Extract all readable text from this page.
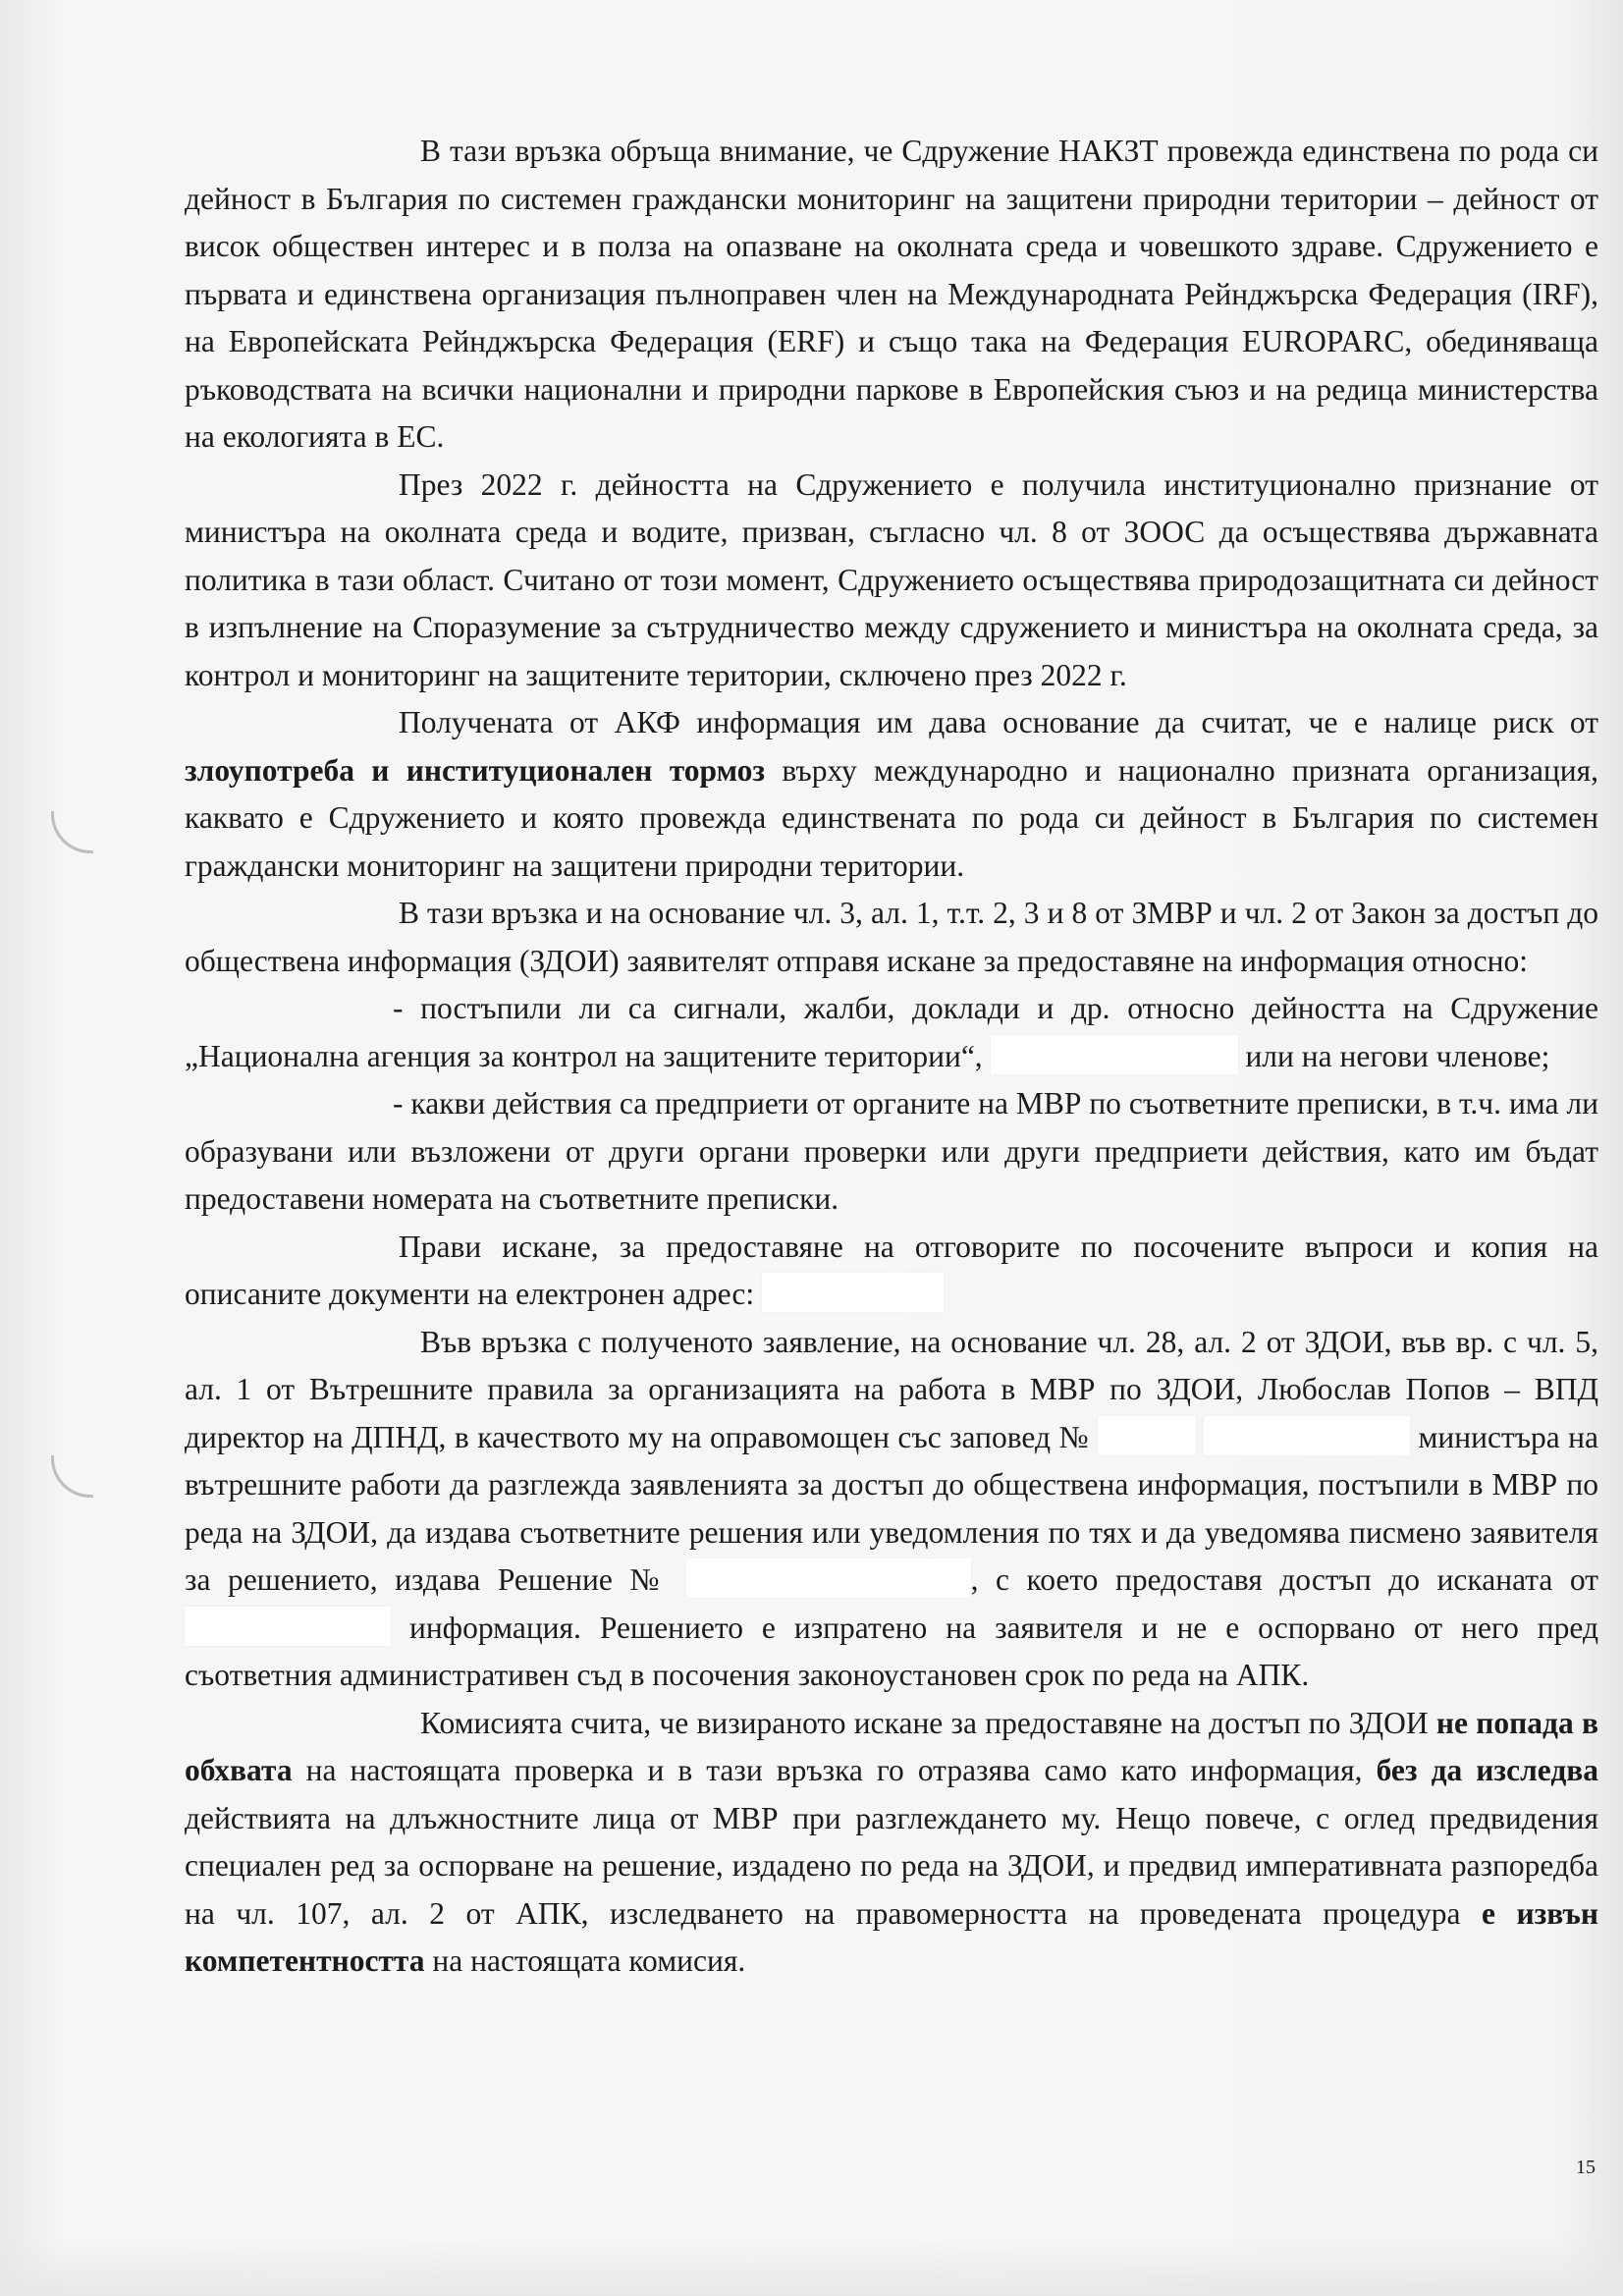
В тази връзка обръща внимание, че Сдружение НАКЗТ провежда единствена по рода си дейност в България по системен граждански мониторинг на защитени природни територии – дейност от висок обществен интерес и в полза на опазване на околната среда и човешкото здраве. Сдружението е първата и единствена организация пълноправен член на Международната Рейнджърска Федерация (IRF), на Европейската Рейнджърска Федерация (ERF) и също така на Федерация EUROPARC, обединяваща ръководствата на всички национални и природни паркове в Европейския съюз и на редица министерства на екологията в ЕС.

През 2022 г. дейността на Сдружението е получила институционално признание от министъра на околната среда и водите, призван, съгласно чл. 8 от ЗООС да осъществява държавната политика в тази област. Считано от този момент, Сдружението осъществява природозащитната си дейност в изпълнение на Споразумение за сътрудничество между сдружението и министъра на околната среда, за контрол и мониторинг на защитените територии, сключено през 2022 г.

Получената от АКФ информация им дава основание да считат, че е налице риск от злоупотреба и институционален тормоз върху международно и национално призната организация, каквато е Сдружението и която провежда единствената по рода си дейност в България по системен граждански мониторинг на защитени природни територии.

В тази връзка и на основание чл. 3, ал. 1, т.т. 2, 3 и 8 от ЗМВР и чл. 2 от Закон за достъп до обществена информация (ЗДОИ) заявителят отправя искане за предоставяне на информация относно:

- постъпили ли са сигнали, жалби, доклади и др. относно дейността на Сдружение „Национална агенция за контрол на защитените територии“,	или на негови членове;

- какви действия са предприети от органите на МВР по съответните преписки, в т.ч. има ли образувани или възложени от други органи проверки или други предприети действия, като им бъдат предоставени номерата на съответните преписки.

Прави искане, за предоставяне на отговорите по посочените въпроси и копия на описаните документи на електронен адрес:

Във връзка с полученото заявление, на основание чл. 28, ал. 2 от ЗДОИ, във вр. с чл. 5, ал. 1 от Вътрешните правила за организацията на работа в МВР по ЗДОИ, Любослав Попов – ВПД директор на ДПНД, в качеството му на оправомощен със заповед №	министъра на вътрешните работи да разглежда заявленията за достъп до обществена информация, постъпили в МВР по реда на ЗДОИ, да издава съответните решения или уведомления по тях и да уведомява писмено заявителя за решението, издава Решение №	, с което предоставя достъп до исканата от  информация. Решението е изпратено на заявителя и не е оспорвано от него пред съответния административен съд в посочения законоустановен срок по реда на АПК.

Комисията счита, че визираното искане за предоставяне на достъп по ЗДОИ не попада в обхвата на настоящата проверка и в тази връзка го отразява само като информация, без да изследва действията на длъжностните лица от МВР при разглеждането му. Нещо повече, с оглед предвидения специален ред за оспорване на решение, издадено по реда на ЗДОИ, и предвид императивната разпоредба на чл. 107, ал. 2 от АПК, изследването на правомерността на проведената процедура е извън компетентността на настоящата комисия.

15
